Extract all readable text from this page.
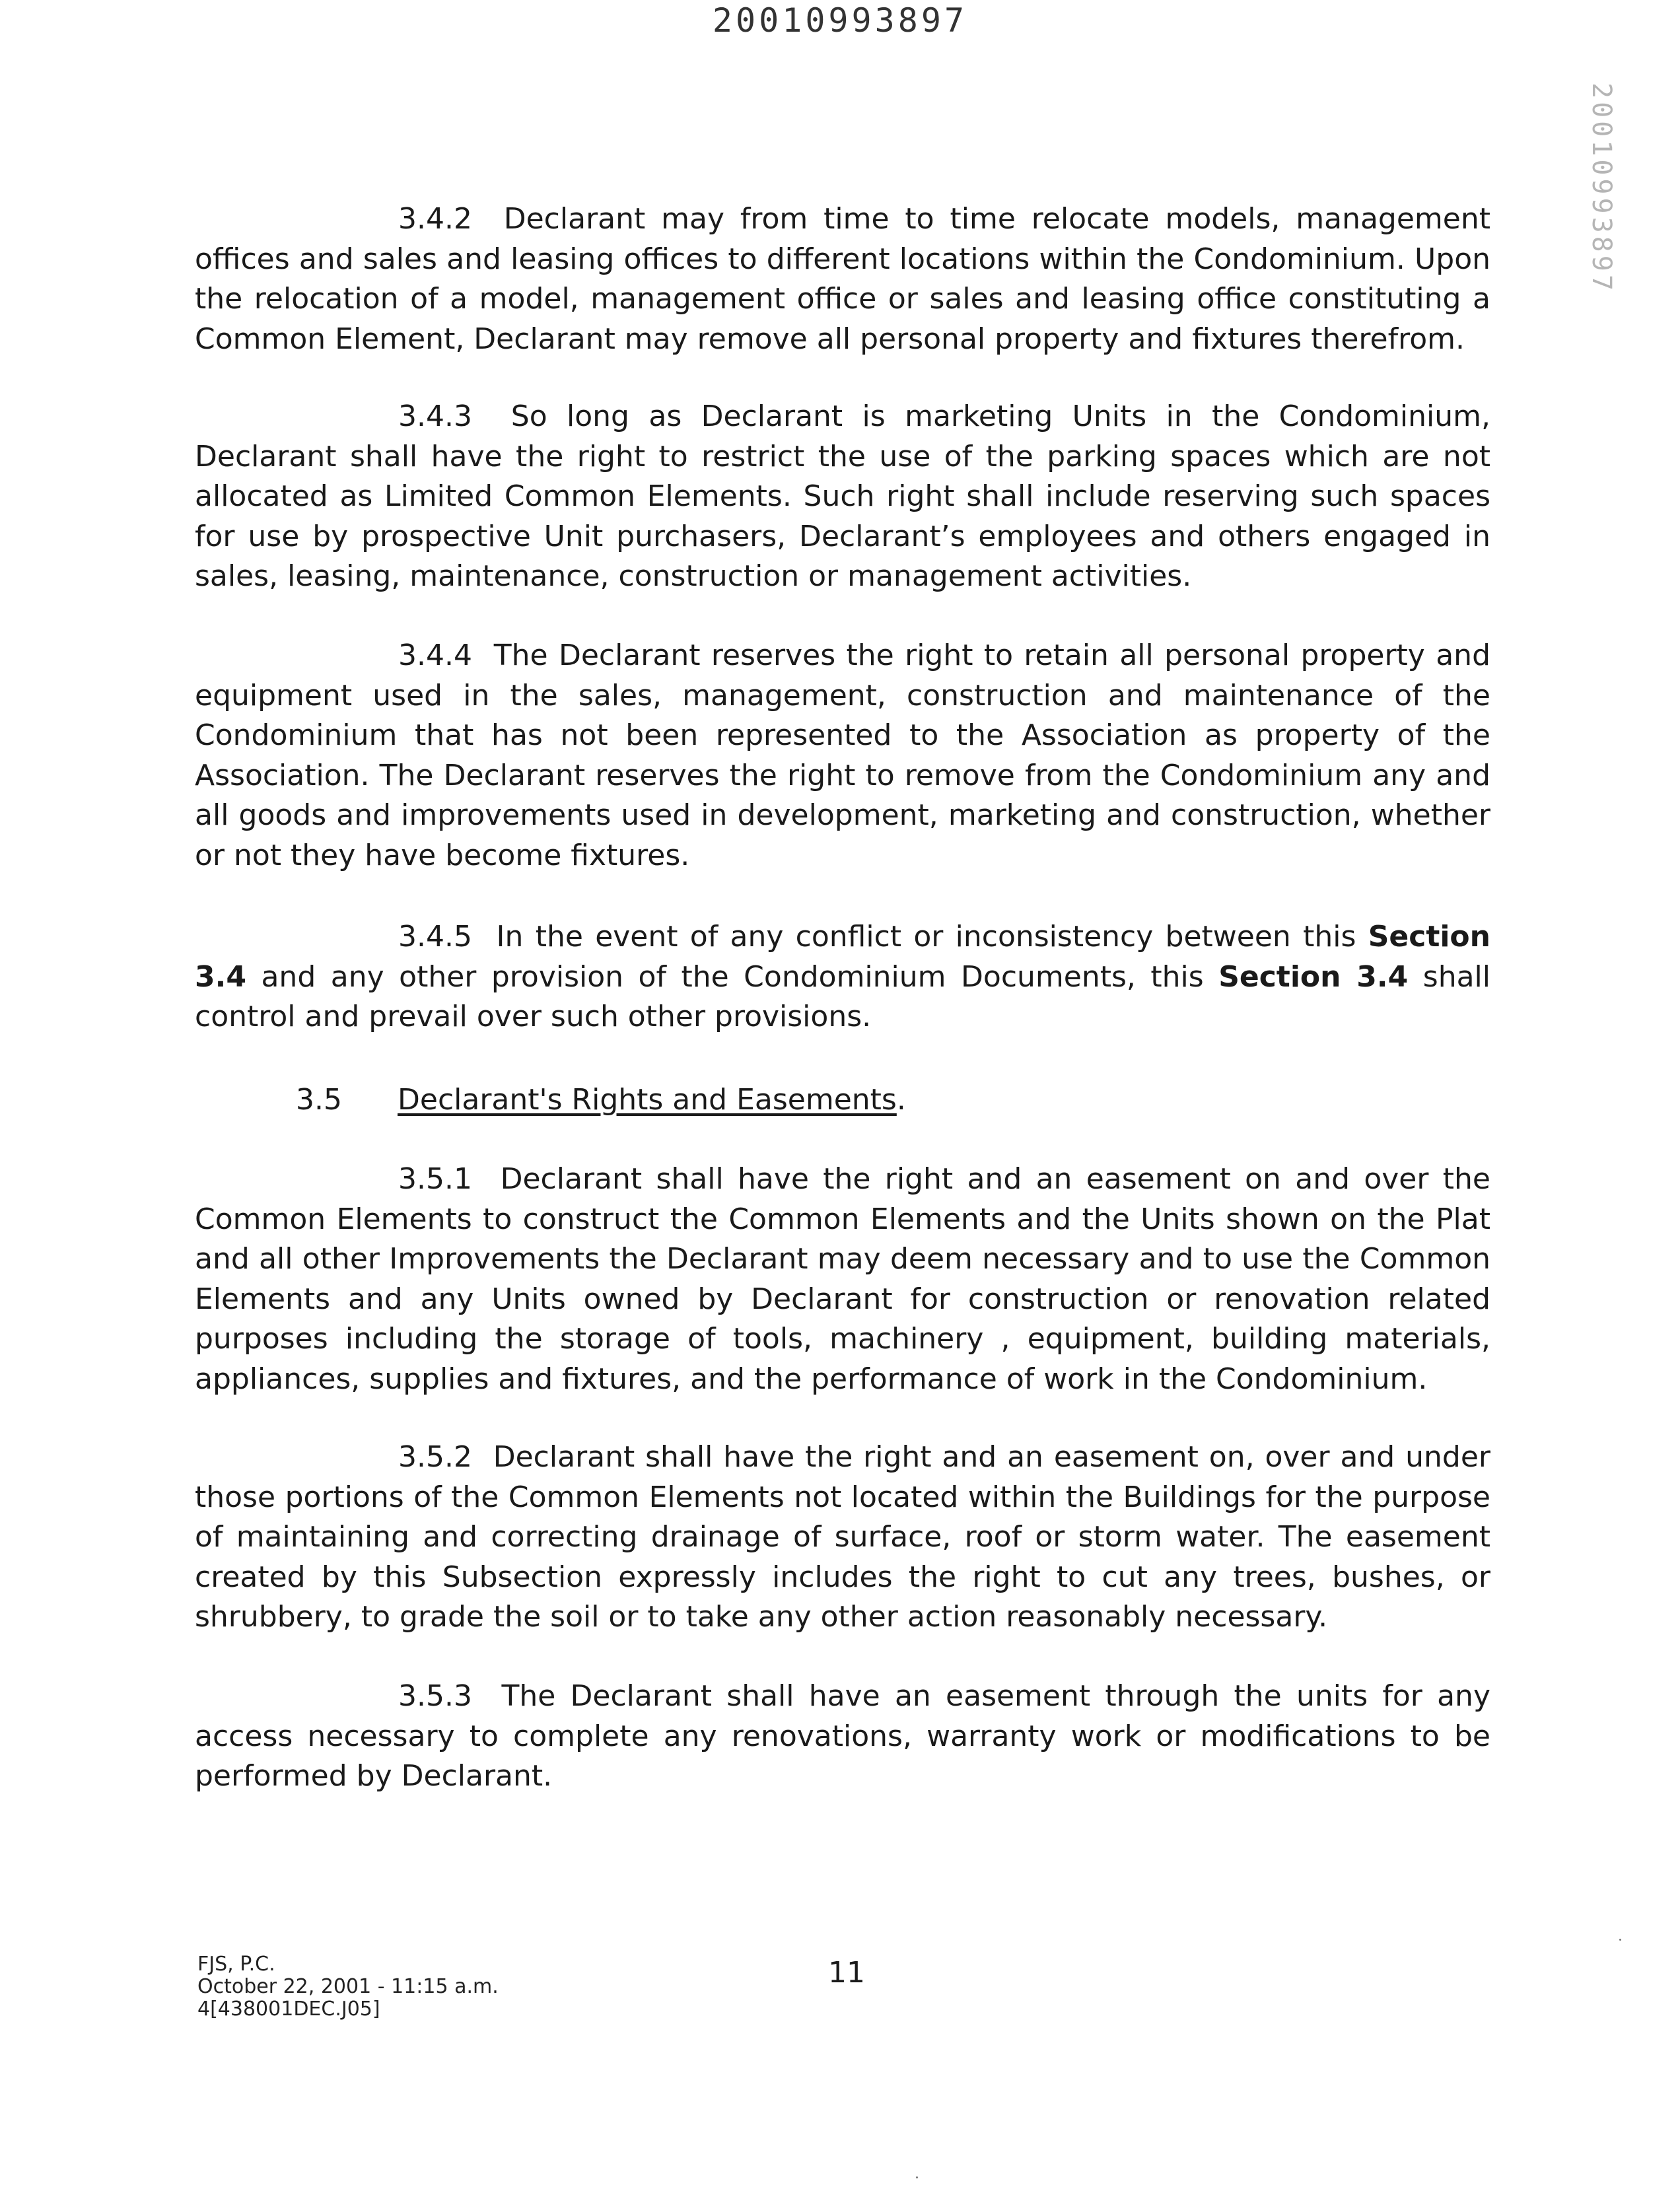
20010993897
20010993897

3.4.2 Declarant may from time to time relocate models, management offices and sales and leasing offices to different locations within the Condominium. Upon the relocation of a model, management office or sales and leasing office constituting a Common Element, Declarant may remove all personal property and fixtures therefrom.

3.4.3 So long as Declarant is marketing Units in the Condominium, Declarant shall have the right to restrict the use of the parking spaces which are not allocated as Limited Common Elements. Such right shall include reserving such spaces for use by prospective Unit purchasers, Declarant’s employees and others engaged in sales, leasing, maintenance, construction or management activities.

3.4.4 The Declarant reserves the right to retain all personal property and equipment used in the sales, management, construction and maintenance of the Condominium that has not been represented to the Association as property of the Association. The Declarant reserves the right to remove from the Condominium any and all goods and improvements used in development, marketing and construction, whether or not they have become fixtures.

3.4.5 In the event of any conflict or inconsistency between this Section 3.4 and any other provision of the Condominium Documents, this Section 3.4 shall control and prevail over such other provisions.

3.5 Declarant's Rights and Easements.

3.5.1 Declarant shall have the right and an easement on and over the Common Elements to construct the Common Elements and the Units shown on the Plat and all other Improvements the Declarant may deem necessary and to use the Common Elements and any Units owned by Declarant for construction or renovation related purposes including the storage of tools, machinery , equipment, building materials, appliances, supplies and fixtures, and the performance of work in the Condominium.

3.5.2 Declarant shall have the right and an easement on, over and under those portions of the Common Elements not located within the Buildings for the purpose of maintaining and correcting drainage of surface, roof or storm water. The easement created by this Subsection expressly includes the right to cut any trees, bushes, or shrubbery, to grade the soil or to take any other action reasonably necessary.

3.5.3 The Declarant shall have an easement through the units for any access necessary to complete any renovations, warranty work or modifications to be performed by Declarant.

FJS, P.C.
October 22, 2001 - 11:15 a.m.
4[438001DEC.J05]
11
